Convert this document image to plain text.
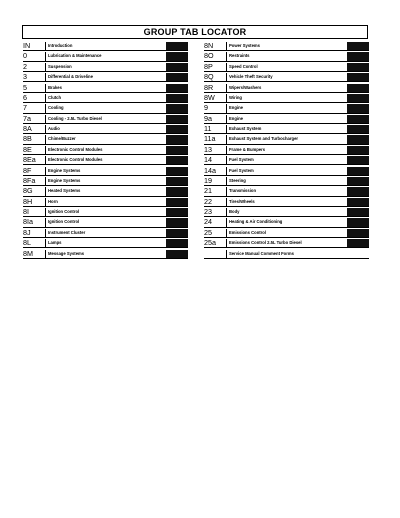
GROUP TAB LOCATOR
IN	Introduction
0	Lubrication & Maintenance
2	Suspension
3	Differential & Driveline
5	Brakes
6	Clutch
7	Cooling
7a	Cooling - 2.5L Turbo Diesel
8A	Audio
8B	Chime/Buzzer
8E	Electronic Control Modules
8Ea	Electronic Control Modules
8F	Engine Systems
8Fa	Engine Systems
8G	Heated Systems
8H	Horn
8I	Ignition Control
8Ia	Ignition Control
8J	Instrument Cluster
8L	Lamps
8M	Message Systems
8N	Power Systems
8O	Restraints
8P	Speed Control
8Q	Vehicle Theft Security
8R	Wipers/Washers
8W	Wiring
9	Engine
9a	Engine
11	Exhaust System
11a	Exhaust System and Turbocharger
13	Frame & Bumpers
14	Fuel System
14a	Fuel System
19	Steering
21	Transmission
22	Tires/Wheels
23	Body
24	Heating & Air Conditioning
25	Emissions Control
25a	Emissions Control 2.5L Turbo Diesel
Service Manual Comment Forms
